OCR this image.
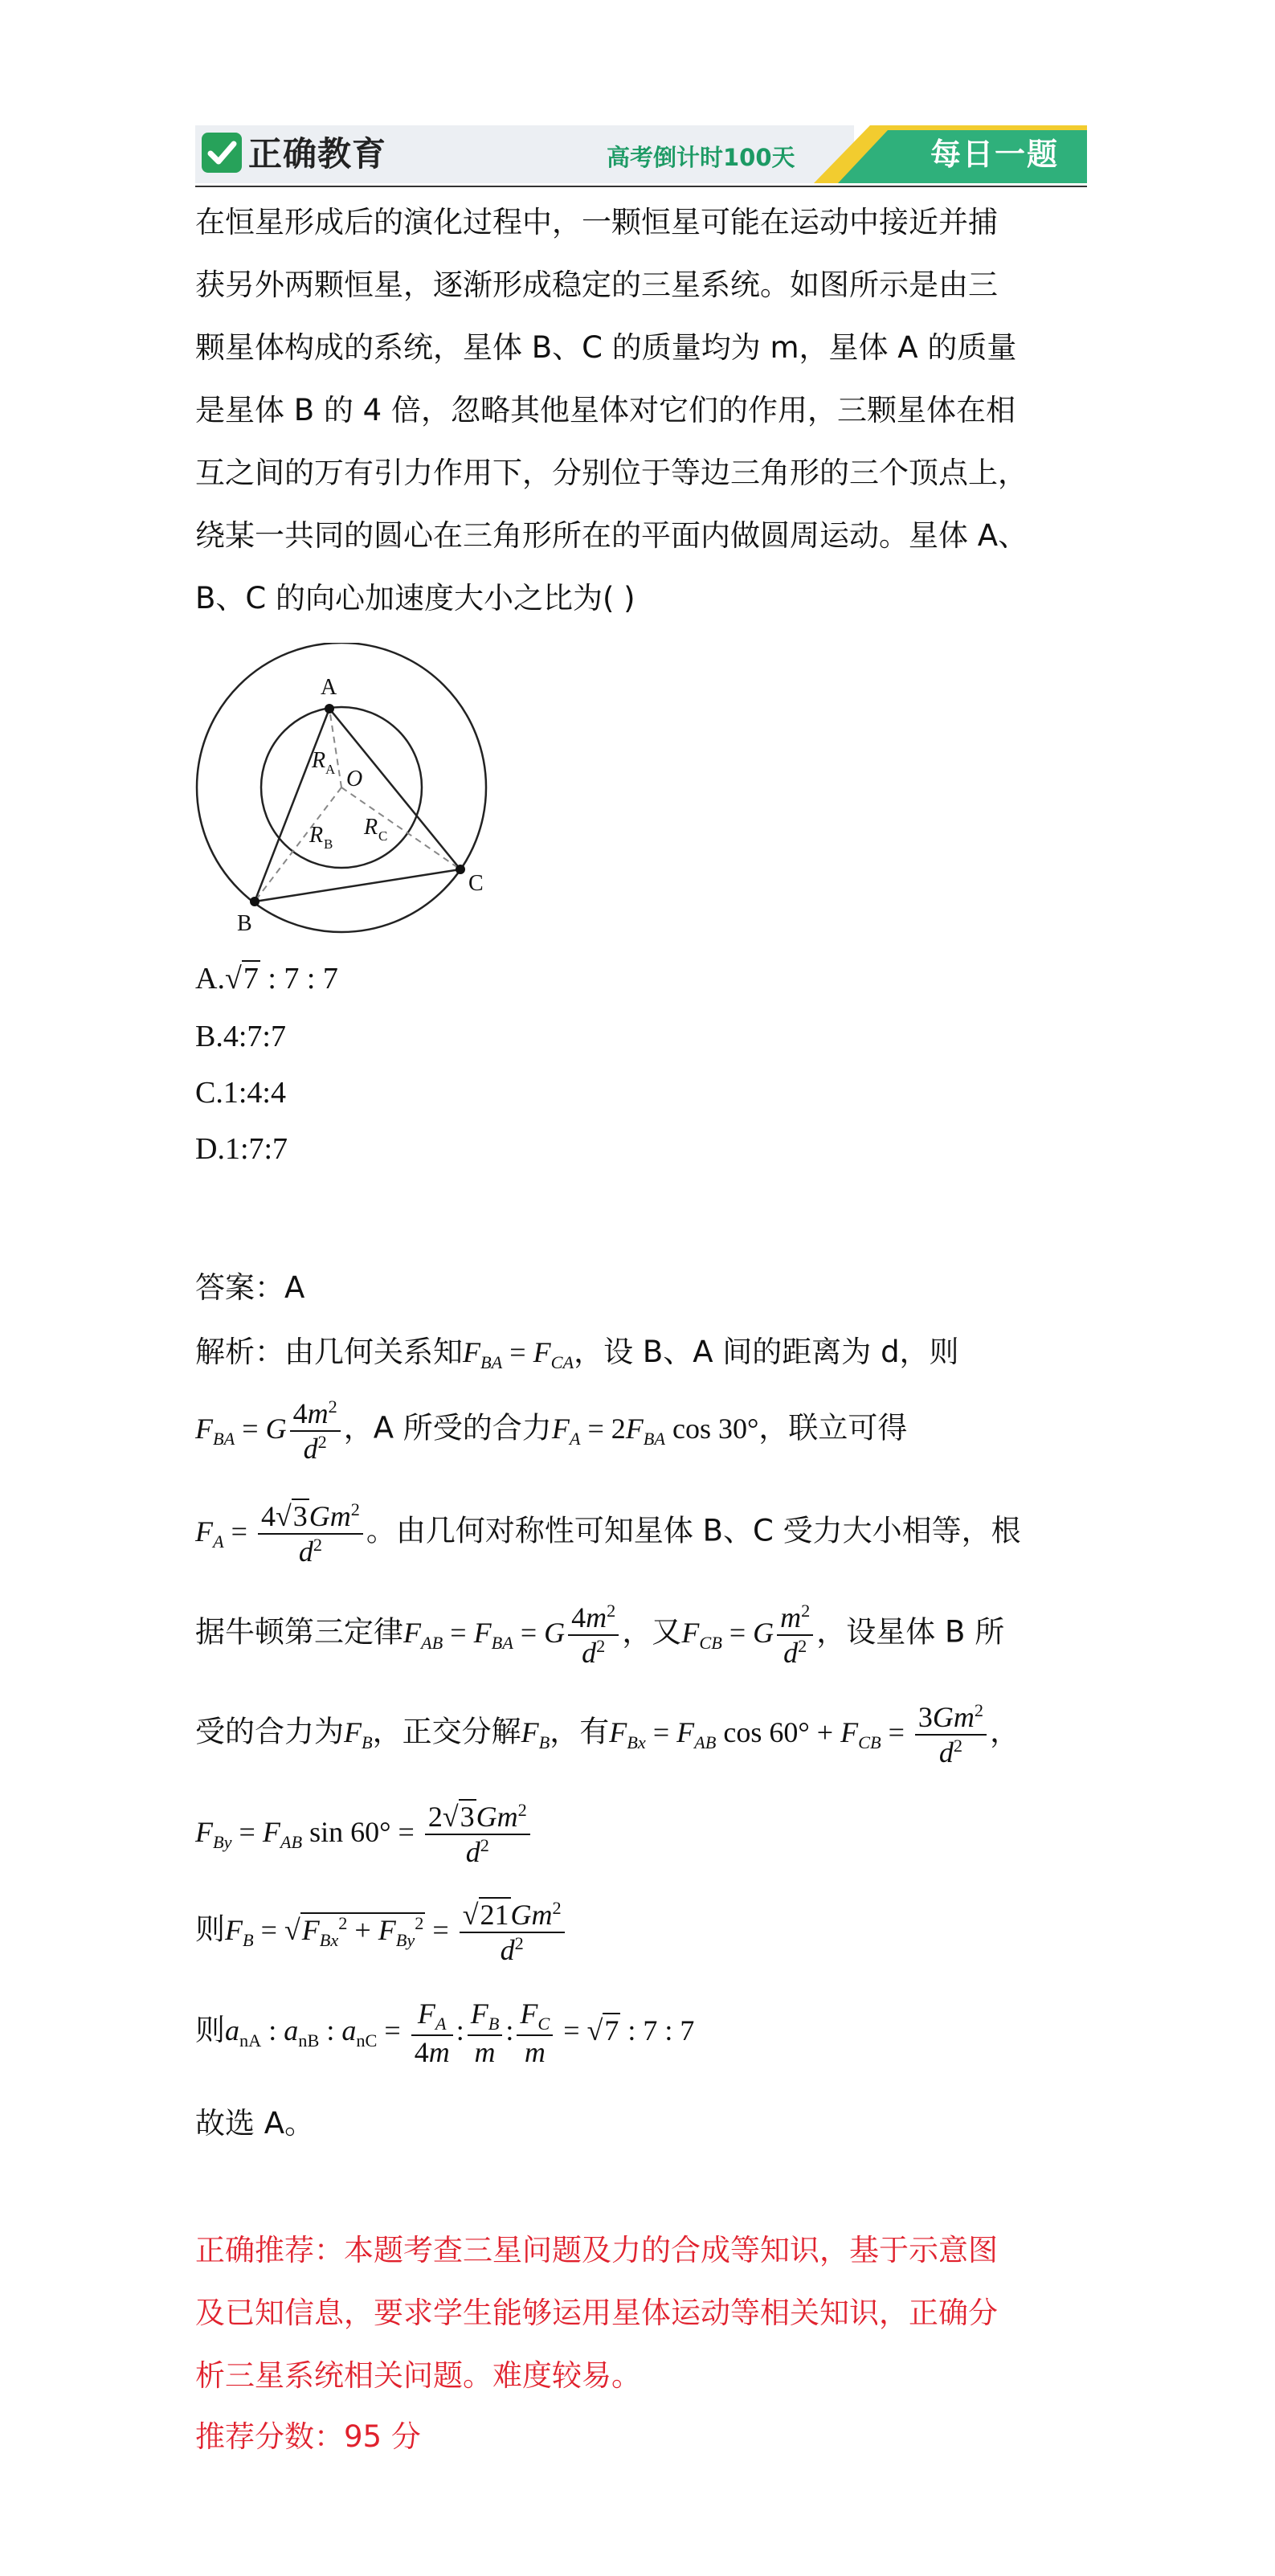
正确教育	高考倒计时100天	每日一题
在恒星形成后的演化过程中，一颗恒星可能在运动中接近并捕
获另外两颗恒星，逐渐形成稳定的三星系统。如图所示是由三
颗星体构成的系统，星体 B、C 的质量均为 m，星体 A 的质量
是星体 B 的 4 倍，忽略其他星体对它们的作用，三颗星体在相
互之间的万有引力作用下，分别位于等边三角形的三个顶点上，
绕某一共同的圆心在三角形所在的平面内做圆周运动。星体 A、
B、C 的向心加速度大小之比为( )
A
B
C
O
R A
R B
R C
A.√7 : 7 : 7
B.4:7:7
C.1:4:4
D.1:7:7
答案：A
解析：由几何关系知$F_{BA} = F_{CA}$，设 B、A 间的距离为 d，则
$F_{BA} = G \frac{4m^2}{d^2}$ ，A 所受的合力$F_A = 2F_{BA}$ cos 30°，联立可得
$F_A = \frac{4√3Gm^2}{d^2}$ 。由几何对称性可知星体 B、C 受力大小相等，根
据牛顿第三定律$F_{AB} = F_{BA} = G \frac{4m^2}{d^2}$ ，又$F_{CB} = G \frac{m^2}{d^2}$ ，设星体 B 所
受的合力为$F_B$，正交分解$F_B$，有$F_{Bx} = F_{AB}$ $\cos 60^\circ + F_{CB} = \frac{3Gm^2}{d^2}$ ，
$F_{By} = F_{AB}$ $\sin 60^\circ = \frac{2√3Gm^2}{d^2}$
则$F_B = √F_{Bx}^2 + F_{By}^2 = \frac{√21Gm^2}{d^2}$
则$a_{nA}$ : $a_{nB}$ : $a_{nC} = \frac{F_A}{4m}$ : $\frac{F_B}{m}$ : $\frac{F_C}{m} = √7$ : 7 : 7
故选 A。
正确推荐：本题考查三星问题及力的合成等知识，基于示意图
及已知信息，要求学生能够运用星体运动等相关知识，正确分
析三星系统相关问题。难度较易。
推荐分数：95 分
